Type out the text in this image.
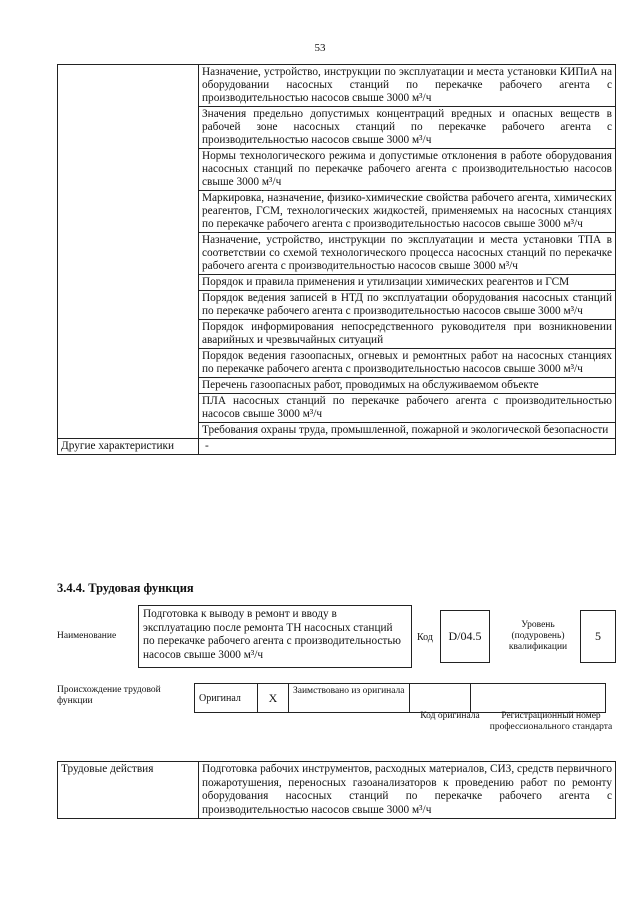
53
	Назначение, устройство, инструкции по эксплуатации и места установки КИПиА на оборудовании насосных станций по перекачке рабочего агента с производительностью насосов свыше 3000 м³/ч
	Значения предельно допустимых концентраций вредных и опасных веществ в рабочей зоне насосных станций по перекачке рабочего агента с производительностью насосов свыше 3000 м³/ч
	Нормы технологического режима и допустимые отклонения в работе оборудования насосных станций по перекачке рабочего агента с производительностью насосов свыше 3000 м³/ч
	Маркировка, назначение, физико-химические свойства рабочего агента, химических реагентов, ГСМ, технологических жидкостей, применяемых на насосных станциях по перекачке рабочего агента с производительностью насосов свыше 3000 м³/ч
	Назначение, устройство, инструкции по эксплуатации и места установки ТПА в соответствии со схемой технологического процесса насосных станций по перекачке рабочего агента с производительностью насосов свыше 3000 м³/ч
	Порядок и правила применения и утилизации химических реагентов и ГСМ
	Порядок ведения записей в НТД по эксплуатации оборудования насосных станций по перекачке рабочего агента с производительностью насосов свыше 3000 м³/ч
	Порядок информирования непосредственного руководителя при возникновении аварийных и чрезвычайных ситуаций
	Порядок ведения газоопасных, огневых и ремонтных работ на насосных станциях по перекачке рабочего агента с производительностью насосов свыше 3000 м³/ч
	Перечень газоопасных работ, проводимых на обслуживаемом объекте
	ПЛА насосных станций по перекачке рабочего агента с производительностью насосов свыше 3000 м³/ч
	Требования охраны труда, промышленной, пожарной и экологической безопасности
Другие характеристики	-
3.4.4. Трудовая функция
Наименование
Подготовка к выводу в ремонт и вводу в эксплуатацию после ремонта ТН насосных станций по перекачке рабочего агента с производительностью насосов свыше 3000 м³/ч
Код	D/04.5
Уровень (подуровень) квалификации
5
Происхождение трудовой функции	Оригинал	X	Заимствовано из оригинала		
Код оригинала	Регистрационный номер профессионального стандарта
Трудовые действия	Подготовка рабочих инструментов, расходных материалов, СИЗ, средств первичного пожаротушения, переносных газоанализаторов к проведению работ по ремонту оборудования насосных станций по перекачке рабочего агента с производительностью насосов свыше 3000 м³/ч
